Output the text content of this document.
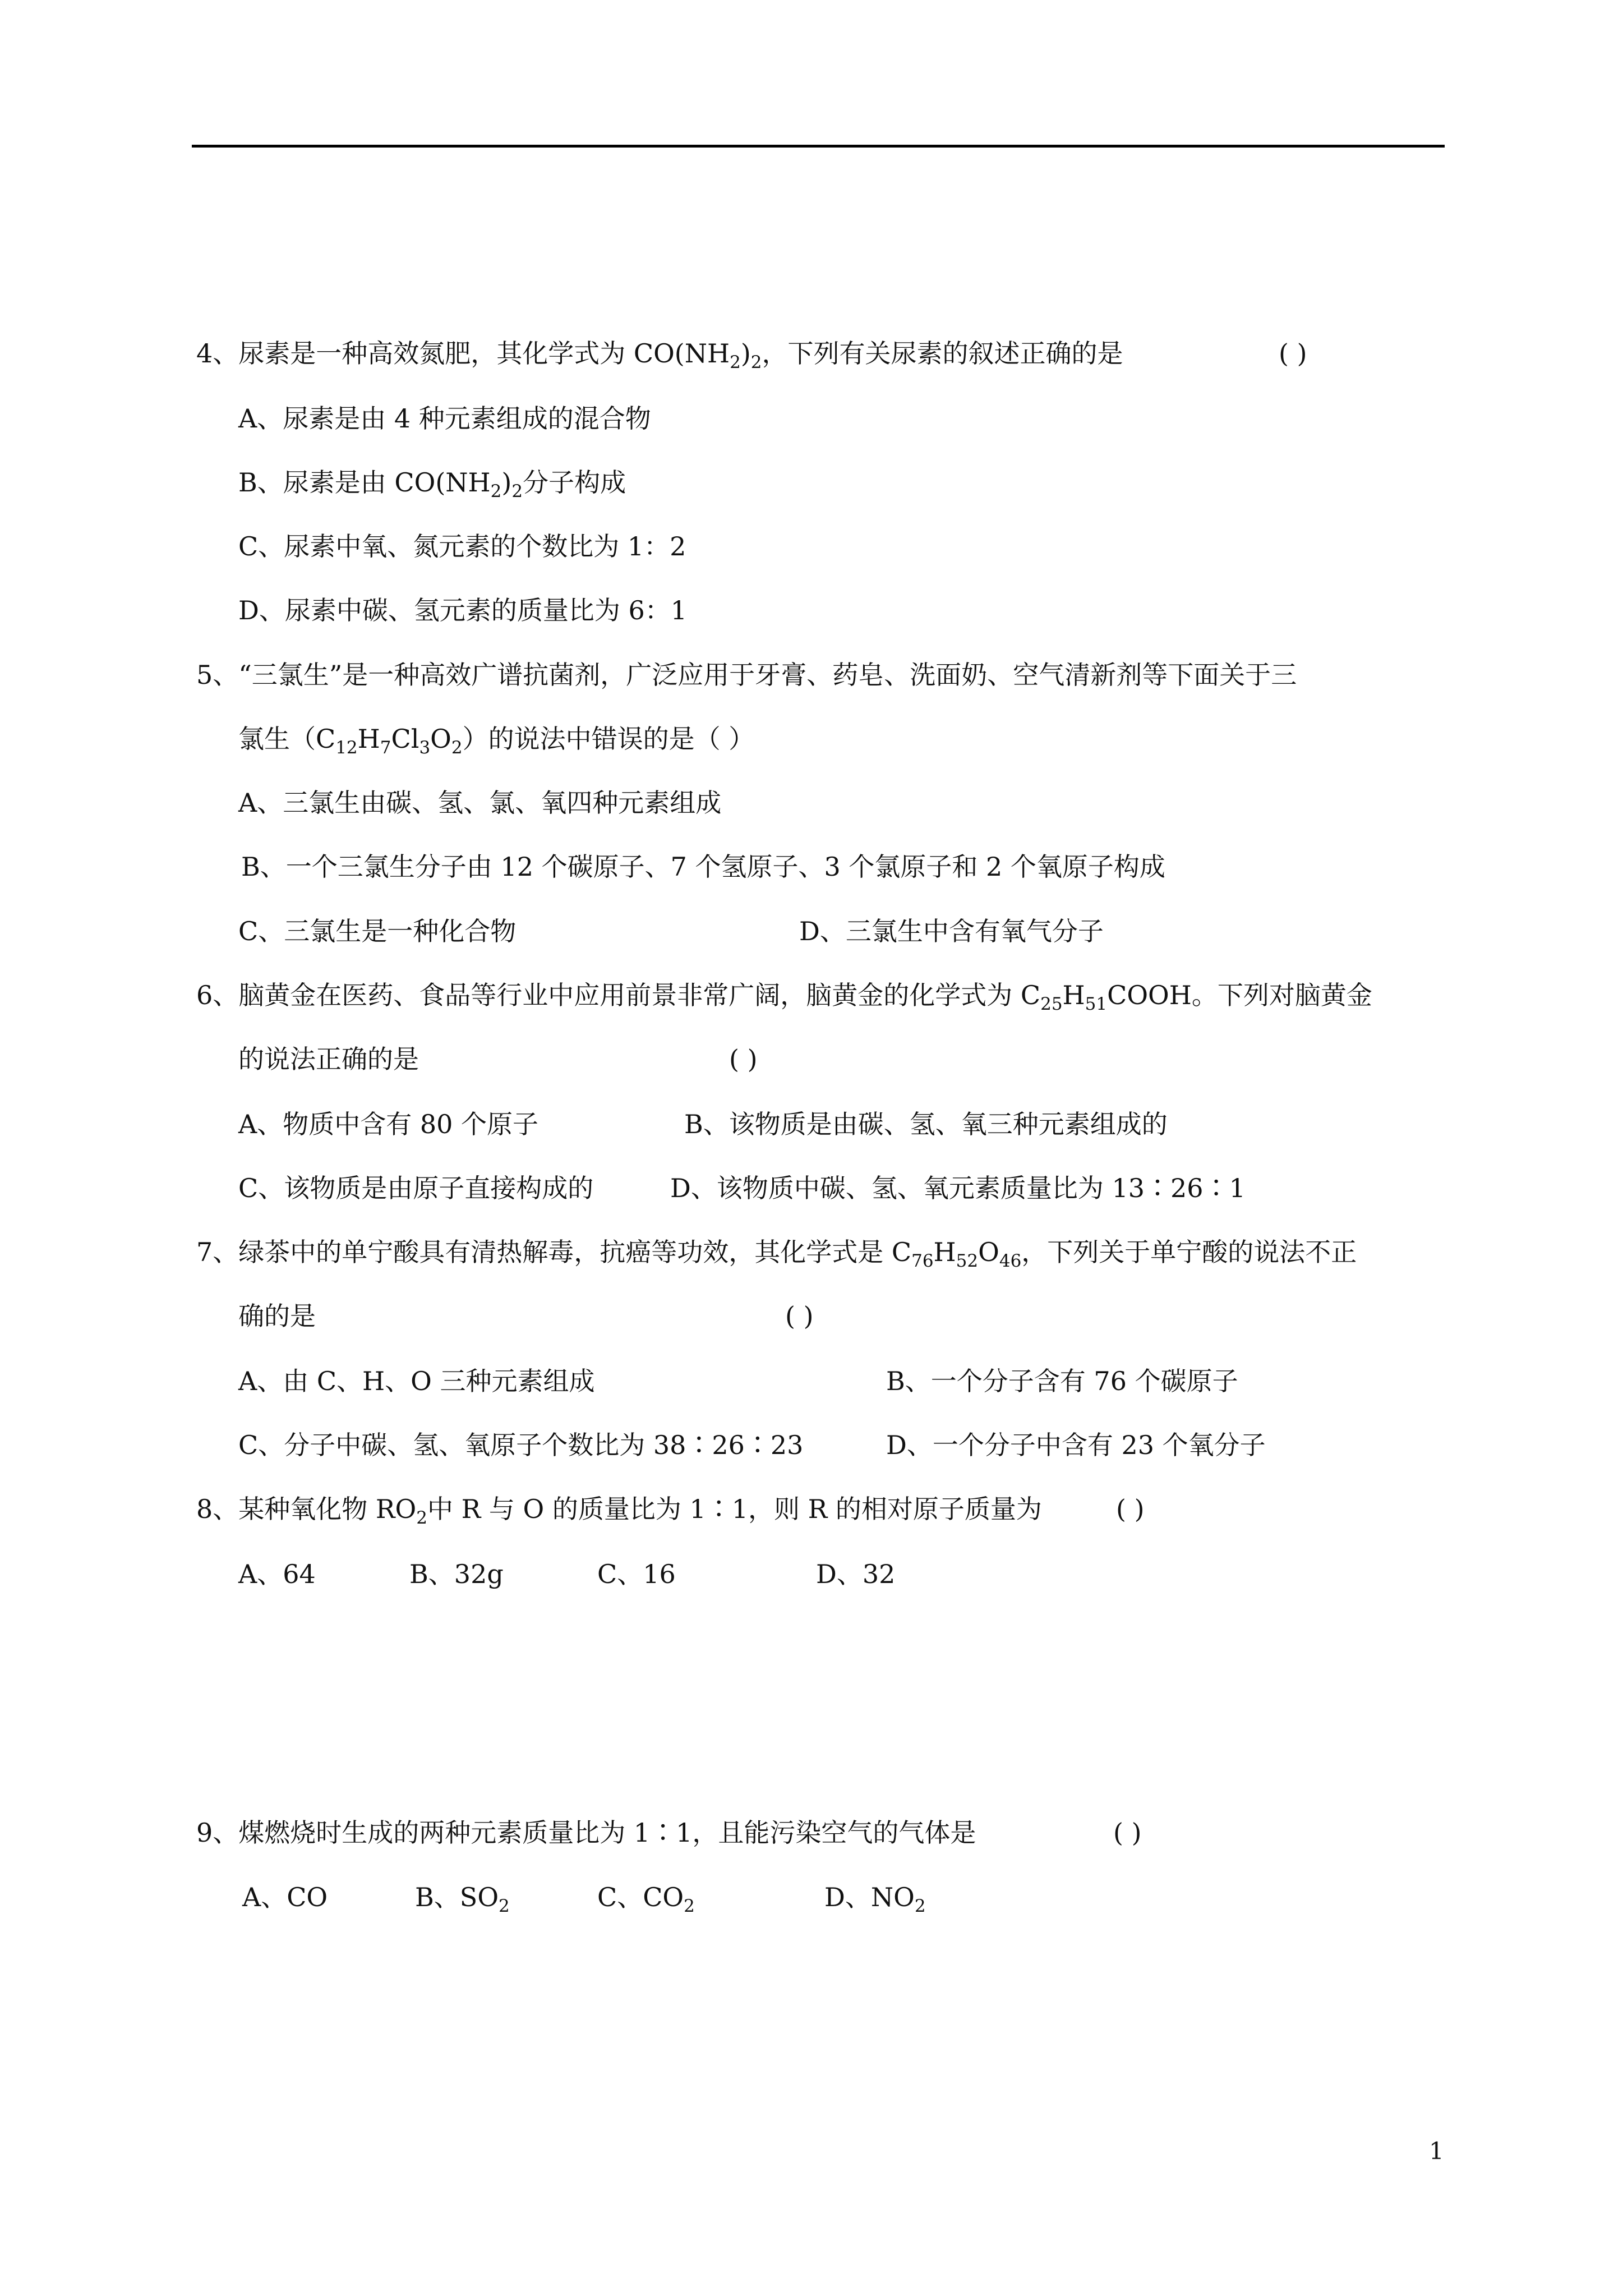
4、尿素是一种高效氮肥，其化学式为 $CO(NH_2)_2$，下列有关尿素的叙述正确的是	( )
A、尿素是由 4 种元素组成的混合物
B、尿素是由 $CO(NH_2)_2$分子构成
C、尿素中氧、氮元素的个数比为 1：2
D、尿素中碳、氢元素的质量比为 6：1
5、“三氯生”是一种高效广谱抗菌剂，广泛应用于牙膏、药皂、洗面奶、空气清新剂等下面关于三
氯生$(C_{12}H_7Cl_3O_2)$的说法中错误的是（ ）
A、三氯生由碳、氢、氯、氧四种元素组成
B、一个三氯生分子由 12 个碳原子、7 个氢原子、3 个氯原子和 2 个氧原子构成
C、三氯生是一种化合物	D、三氯生中含有氧气分子
6、脑黄金在医药、食品等行业中应用前景非常广阔，脑黄金的化学式为 $C_{25}H_{51}COOH$。下列对脑黄金
的说法正确的是	( )
A、物质中含有 80 个原子	B、该物质是由碳、氢、氧三种元素组成的
C、该物质是由原子直接构成的	D、该物质中碳、氢、氧元素质量比为 13∶26∶1
7、绿茶中的单宁酸具有清热解毒，抗癌等功效，其化学式是 $C_{76}H_{52}O_{46}$，下列关于单宁酸的说法不正
确的是	( )
A、由 C、H、O 三种元素组成	B、一个分子含有 76 个碳原子
C、分子中碳、氢、氧原子个数比为 38∶26∶23	D、一个分子中含有 23 个氧分子
8、某种氧化物 $RO_2$中 R 与 O 的质量比为 1∶1，则 R 的相对原子质量为	( )
A、64	B、32g	C、16	D、32
9、煤燃烧时生成的两种元素质量比为 1∶1，且能污染空气的气体是	( )
A、CO	B、$SO_2$	C、$CO_2$	D、$NO_2$
1
